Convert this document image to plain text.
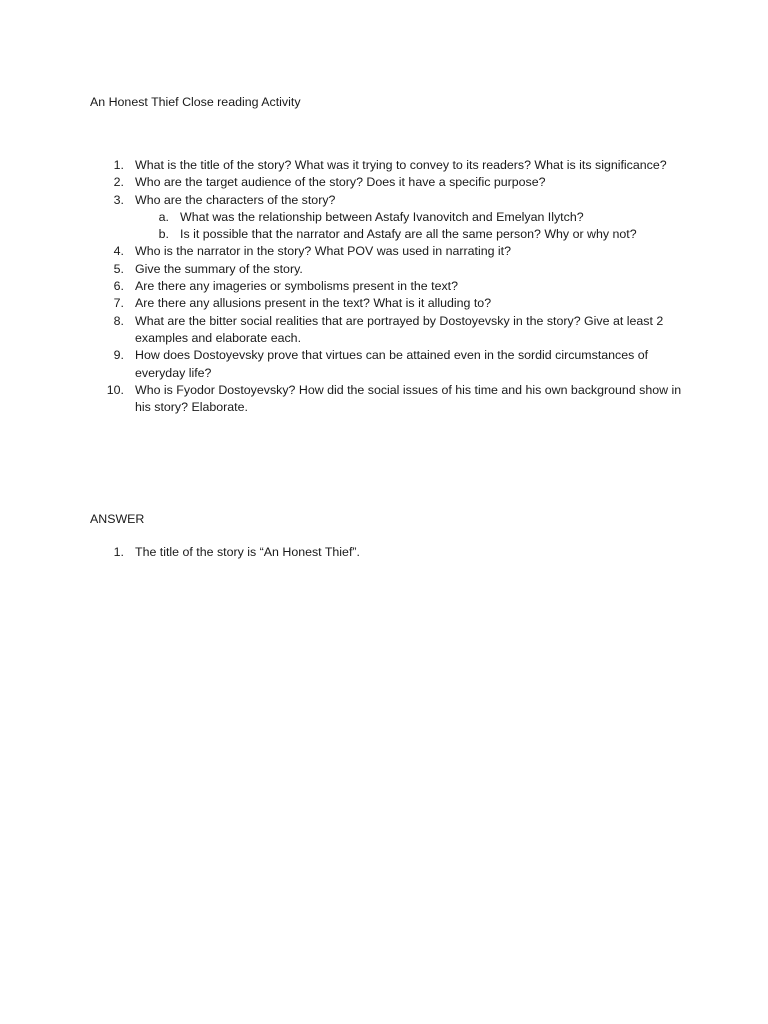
An Honest Thief Close reading Activity
1. What is the title of the story? What was it trying to convey to its readers? What is its significance?
2. Who are the target audience of the story? Does it have a specific purpose?
3. Who are the characters of the story?
a. What was the relationship between Astafy Ivanovitch and Emelyan Ilytch?
b. Is it possible that the narrator and Astafy are all the same person? Why or why not?
4. Who is the narrator in the story? What POV was used in narrating it?
5. Give the summary of the story.
6. Are there any imageries or symbolisms present in the text?
7. Are there any allusions present in the text? What is it alluding to?
8. What are the bitter social realities that are portrayed by Dostoyevsky in the story? Give at least 2 examples and elaborate each.
9. How does Dostoyevsky prove that virtues can be attained even in the sordid circumstances of everyday life?
10. Who is Fyodor Dostoyevsky? How did the social issues of his time and his own background show in his story? Elaborate.
ANSWER
1. The title of the story is “An Honest Thief”.
